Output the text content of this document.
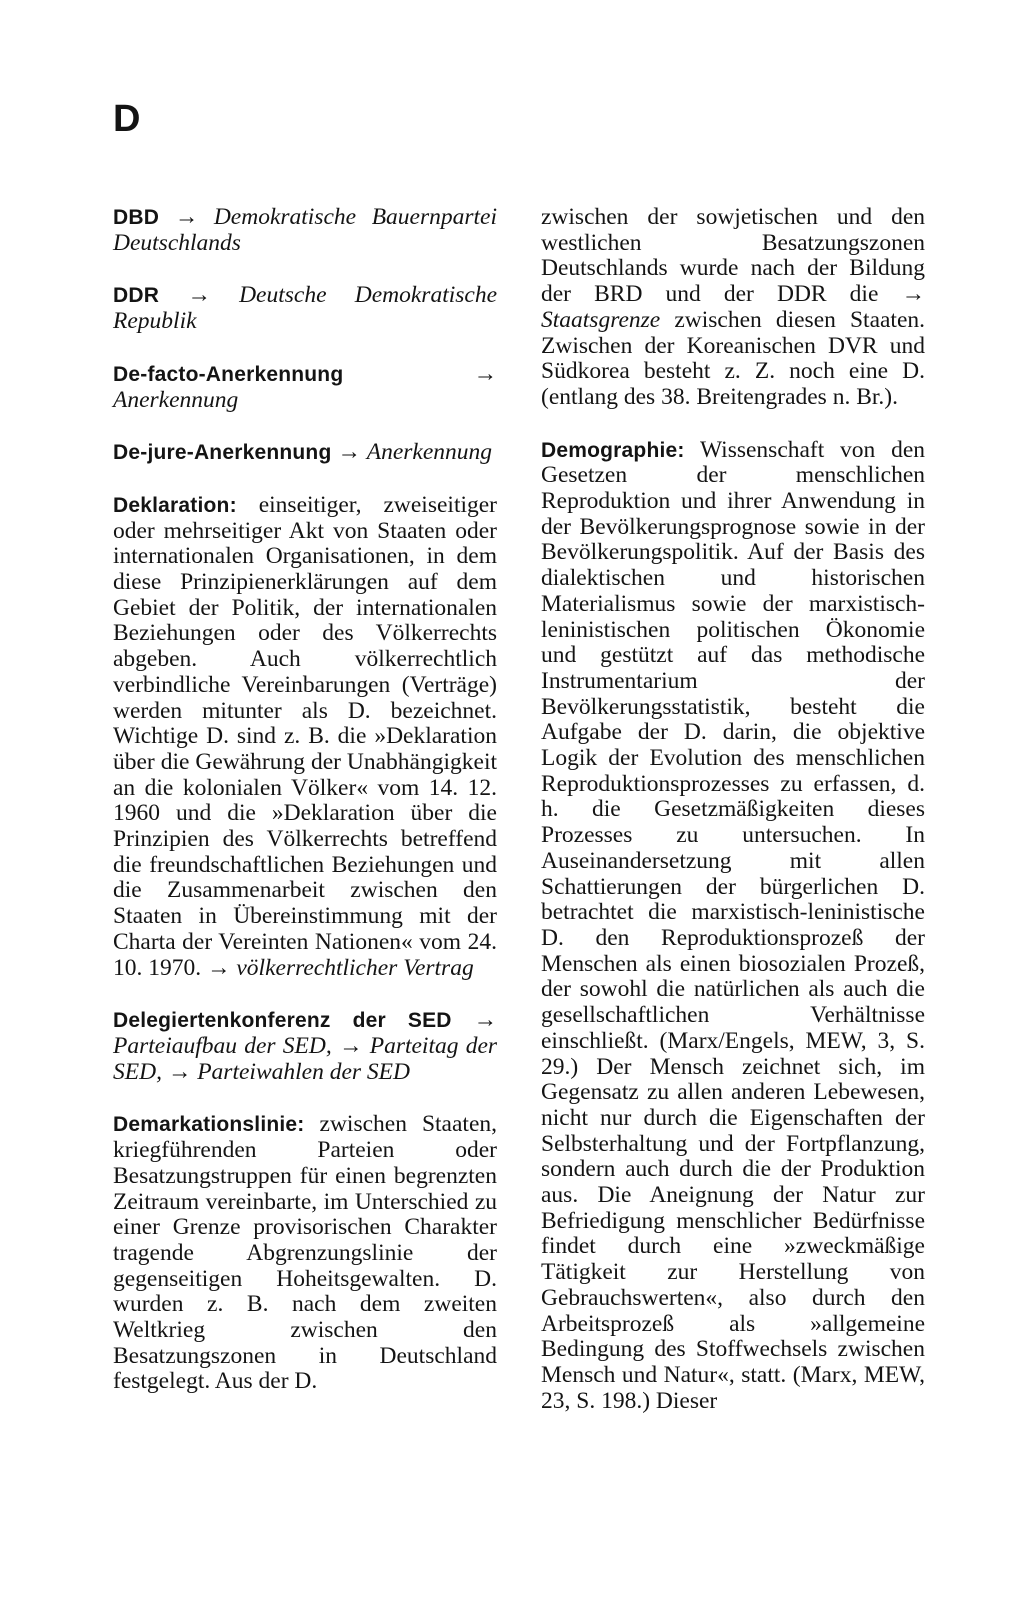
D

DBD → Demokratische Bauernpartei Deutschlands

DDR → Deutsche Demokratische Republik

De-facto-Anerkennung	→ Anerkennung

De-jure-Anerkennung → Anerkennung

Deklaration: einseitiger, zweiseitiger oder mehrseitiger Akt von Staaten oder internationalen Organisationen, in dem diese Prinzipienerklärungen auf dem Gebiet der Politik, der internationalen Beziehungen oder des Völkerrechts abgeben. Auch völkerrechtlich verbindliche Vereinbarungen (Verträge) werden mitunter als D. bezeichnet. Wichtige D. sind z. B. die »Deklaration über die Gewährung der Unabhängigkeit an die kolonialen Völker« vom 14. 12. 1960 und die »Deklaration über die Prinzipien des Völkerrechts betreffend die freundschaftlichen Beziehungen und die Zusammenarbeit zwischen den Staaten in Übereinstimmung mit der Charta der Vereinten Nationen« vom 24. 10. 1970. → völkerrechtlicher Vertrag

Delegiertenkonferenz der SED → Parteiaufbau der SED, → Parteitag der SED, → Parteiwahlen der SED

Demarkationslinie: zwischen Staaten, kriegführenden Parteien oder Besatzungstruppen für einen begrenzten Zeitraum vereinbarte, im Unterschied zu einer Grenze provisorischen Charakter tragende Abgrenzungslinie der gegenseitigen Hoheitsgewalten. D. wurden z. B. nach dem zweiten Weltkrieg zwischen den Besatzungszonen in Deutschland festgelegt. Aus der D.

zwischen der sowjetischen und den westlichen Besatzungszonen Deutschlands wurde nach der Bildung der BRD und der DDR die → Staatsgrenze zwischen diesen Staaten. Zwischen der Koreanischen DVR und Südkorea besteht z. Z. noch eine D. (entlang des 38. Breitengrades n. Br.).

Demographie: Wissenschaft von den Gesetzen der menschlichen Reproduktion und ihrer Anwendung in der Bevölkerungsprognose sowie in der Bevölkerungspolitik. Auf der Basis des dialektischen und historischen Materialismus sowie der marxistisch-leninistischen politischen Ökonomie und gestützt auf das methodische Instrumentarium der Bevölkerungsstatistik, besteht die Aufgabe der D. darin, die objektive Logik der Evolution des menschlichen Reproduktionsprozesses zu erfassen, d. h. die Gesetzmäßigkeiten dieses Prozesses zu untersuchen. In Auseinandersetzung mit allen Schattierungen der bürgerlichen D. betrachtet die marxistisch-leninistische D. den Reproduktionsprozeß der Menschen als einen biosozialen Prozeß, der sowohl die natürlichen als auch die gesellschaftlichen Verhältnisse einschließt. (Marx/Engels, MEW, 3, S. 29.) Der Mensch zeichnet sich, im Gegensatz zu allen anderen Lebewesen, nicht nur durch die Eigenschaften der Selbsterhaltung und der Fortpflanzung, sondern auch durch die der Produktion aus. Die Aneignung der Natur zur Befriedigung menschlicher Bedürfnisse findet durch eine »zweckmäßige Tätigkeit zur Herstellung von Gebrauchswerten«, also durch den Arbeitsprozeß als »allgemeine Bedingung des Stoffwechsels zwischen Mensch und Natur«, statt. (Marx, MEW, 23, S. 198.) Dieser
